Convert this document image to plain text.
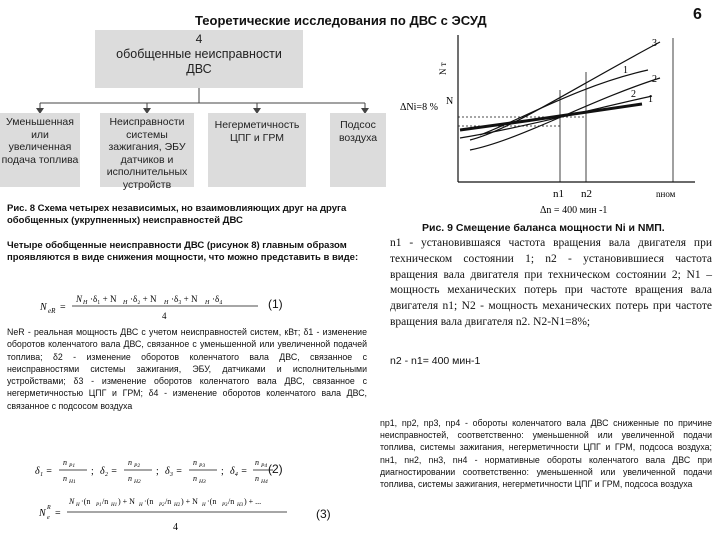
Теоретические исследования по ДВС с ЭСУД	6
4
обобщенные неисправности
ДВС
Уменьшенная или увеличенная подача топлива
Неисправности системы зажигания, ЭБУ датчиков и исполнительных устройств
Негерметичность ЦПГ и ГРМ
Подсос воздуха
Рис. 8 Схема четырех независимых, но взаимовлияющих друг на друга обобщенных (укрупненных) неисправностей ДВС
Четыре обобщенные неисправности ДВС (рисунок 8) главным образом проявляются в виде снижения мощности, что можно представить в виде:
N eR =
N H ·δ₁ + N H ·δ₂ + N H ·δ₃ + N H ·δ₄
4
(1)
NеR - реальная мощность ДВС с учетом неисправностей систем, кВт; δ1 - изменение оборотов коленчатого вала ДВС, связанное с уменьшенной или увеличенной подачей топлива; δ2 - изменение оборотов коленчатого вала ДВС, связанное с неисправностями системы зажигания, ЭБУ, датчиками и исполнительными устройствами; δ3 - изменение оборотов коленчатого вала ДВС, связанное с негерметичностью ЦПГ и ГРМ; δ4 - изменение оборотов коленчатого вала ДВС, связанное с подсосом воздуха
δ₁ =
n P1
n H1
; δ₂ =
n P2
n H2
; δ₃ =
n P3
n H3
; δ₄ =
n P4
n H4
(2)
N R
e =
N H ·(n P1 /n H1 ) + N H ·(n P2 /n H2 ) + N H ·(n P3 /n H3 ) + ...
4
(3)
3
1
2
2 1
N т
N
ΔNi=8 %
n1 n2	nном
Δn = 400 мин -1
Рис. 9 Смещение баланса мощности Ni и NМП.
n1 - установившаяся частота вращения вала двигателя при техническом состоянии 1; n2 - установившиеся частота вращения вала двигателя при техническом состоянии 2; N1 – мощность механических потерь при частоте вращения вала двигателя n1; N2 - мощность механических потерь при частоте вращения вала двигателя n2. N2-N1=8%;
n2 - n1= 400 мин-1
nр1, nр2, nр3, nр4 - обороты коленчатого вала ДВС сниженные по причине неисправностей, соответственно: уменьшенной или увеличенной подачи топлива, системы зажигания, негерметичности ЦПГ и ГРМ, подсоса воздуха; nн1, nн2, nн3, nн4 - нормативные обороты коленчатого вала ДВС при диагностировании соответственно: уменьшенной или увеличенной подачи топлива, системы зажигания, негерметичности ЦПГ и ГРМ, подсоса воздуха
